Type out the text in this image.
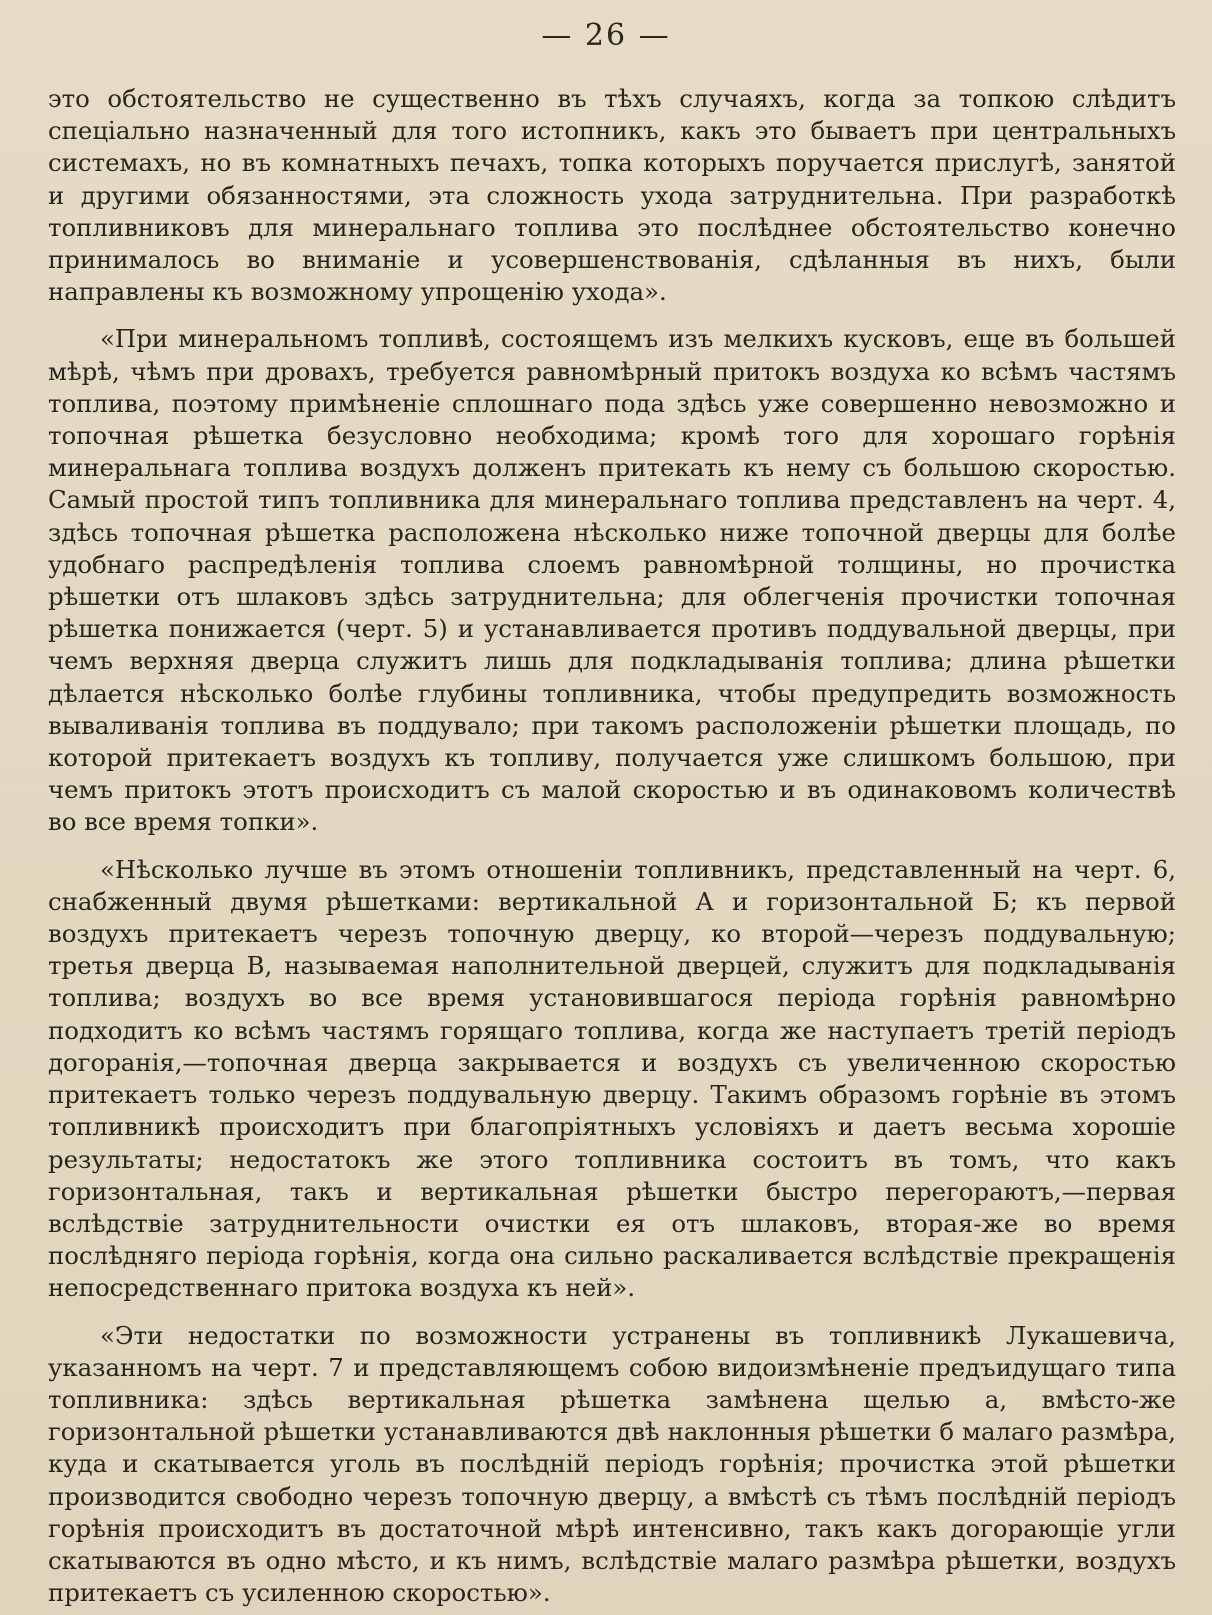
— 26 —

это обстоятельство не существенно въ тѣхъ случаяхъ, когда за топкою слѣдитъ спеціально назначенный для того истопникъ, какъ это бываетъ при центральныхъ системахъ, но въ комнатныхъ печахъ, топка которыхъ поручается прислугѣ, занятой и другими обязанностями, эта сложность ухода затруднительна. При разработкѣ топливниковъ для минеральнаго топлива это послѣднее обстоятельство конечно принималось во вниманіе и усовершенствованія, сдѣланныя въ нихъ, были направлены къ возможному упрощенію ухода».

«При минеральномъ топливѣ, состоящемъ изъ мелкихъ кусковъ, еще въ большей мѣрѣ, чѣмъ при дровахъ, требуется равномѣрный притокъ воздуха ко всѣмъ частямъ топлива, поэтому примѣненіе сплошнаго пода здѣсь уже совершенно невозможно и топочная рѣшетка безусловно необходима; кромѣ того для хорошаго горѣнія минеральнага топлива воздухъ долженъ притекать къ нему съ большою скоростью. Самый простой типъ топливника для минеральнаго топлива представленъ на черт. 4, здѣсь топочная рѣшетка расположена нѣсколько ниже топочной дверцы для болѣе удобнаго распредѣленія топлива слоемъ равномѣрной толщины, но прочистка рѣшетки отъ шлаковъ здѣсь затруднительна; для облегченія прочистки топочная рѣшетка понижается (черт. 5) и устанавливается противъ поддувальной дверцы, при чемъ верхняя дверца служитъ лишь для подкладыванія топлива; длина рѣшетки дѣлается нѣсколько болѣе глубины топливника, чтобы предупредить возможность вываливанія топлива въ поддувало; при такомъ расположеніи рѣшетки площадь, по которой притекаетъ воздухъ къ топливу, получается уже слишкомъ большою, при чемъ притокъ этотъ происходитъ съ малой скоростью и въ одинаковомъ количествѣ во все время топки».

«Нѣсколько лучше въ этомъ отношеніи топливникъ, представленный на черт. 6, снабженный двумя рѣшетками: вертикальной А и горизонтальной Б; къ первой воздухъ притекаетъ черезъ топочную дверцу, ко второй—черезъ поддувальную; третья дверца В, называемая наполнительной дверцей, служитъ для подкладыванія топлива; воздухъ во все время установившагося періода горѣнія равномѣрно подходитъ ко всѣмъ частямъ горящаго топлива, когда же наступаетъ третій періодъ догоранія,—топочная дверца закрывается и воздухъ съ увеличенною скоростью притекаетъ только черезъ поддувальную дверцу. Такимъ образомъ горѣніе въ этомъ топливникѣ происходитъ при благопріятныхъ условіяхъ и даетъ весьма хорошіе результаты; недостатокъ же этого топливника состоитъ въ томъ, что какъ горизонтальная, такъ и вертикальная рѣшетки быстро перегораютъ,—первая вслѣдствіе затруднительности очистки ея отъ шлаковъ, вторая-же во время послѣдняго періода горѣнія, когда она сильно раскаливается вслѣдствіе прекращенія непосредственнаго притока воздуха къ ней».

«Эти недостатки по возможности устранены въ топливникѣ Лукашевича, указанномъ на черт. 7 и представляющемъ собою видоизмѣненіе предъидущаго типа топливника: здѣсь вертикальная рѣшетка замѣнена щелью а, вмѣсто-же горизонтальной рѣшетки устанавливаются двѣ наклонныя рѣшетки б малаго размѣра, куда и скатывается уголь въ послѣдній періодъ горѣнія; прочистка этой рѣшетки производится свободно черезъ топочную дверцу, а вмѣстѣ съ тѣмъ послѣдній періодъ горѣнія происходитъ въ достаточной мѣрѣ интенсивно, такъ какъ догорающіе угли скатываются въ одно мѣсто, и къ нимъ, вслѣдствіе малаго размѣра рѣшетки, воздухъ притекаетъ съ усиленною скоростью».
